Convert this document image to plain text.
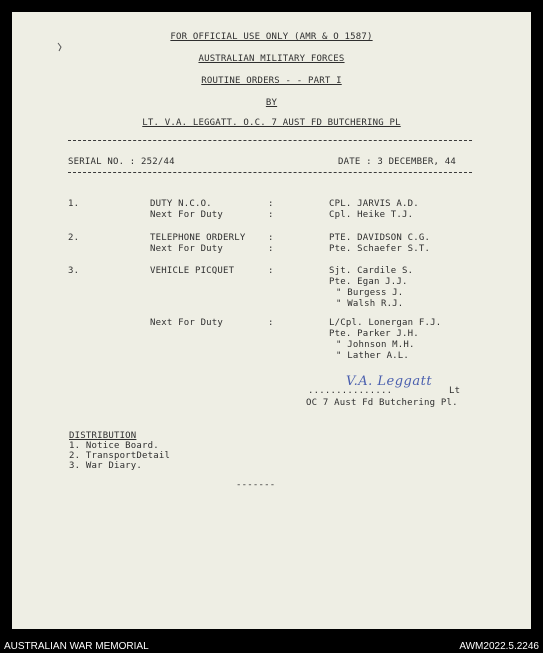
FOR OFFICIAL USE ONLY (AMR & O 1587)
AUSTRALIAN MILITARY FORCES
ROUTINE ORDERS - - PART I
BY
LT. V.A. LEGGATT. O.C. 7 AUST FD BUTCHERING PL
SERIAL NO. : 252/44	DATE : 3 DECEMBER, 44
1.	DUTY N.C.O.	:	CPL. JARVIS A.D.
Next For Duty	:	Cpl. Heike T.J.
2.	TELEPHONE ORDERLY :	PTE. DAVIDSON C.G.
Next For Duty	:	Pte. Schaefer S.T.
3.	VEHICLE PICQUET	:	Sjt. Cardile S.
Pte. Egan J.J.
" Burgess J.
" Walsh R.J.
Next For Duty	:	L/Cpl. Lonergan F.J.
Pte. Parker J.H.
" Johnson M.H.
" Lather A.L.
...............
V.A. Leggatt
Lt
OC 7 Aust Fd Butchering Pl.
DISTRIBUTION
1. Notice Board.
2. TransportDetail
3. War Diary.
-------
AUSTRALIAN WAR MEMORIAL	AWM2022.5.2246
